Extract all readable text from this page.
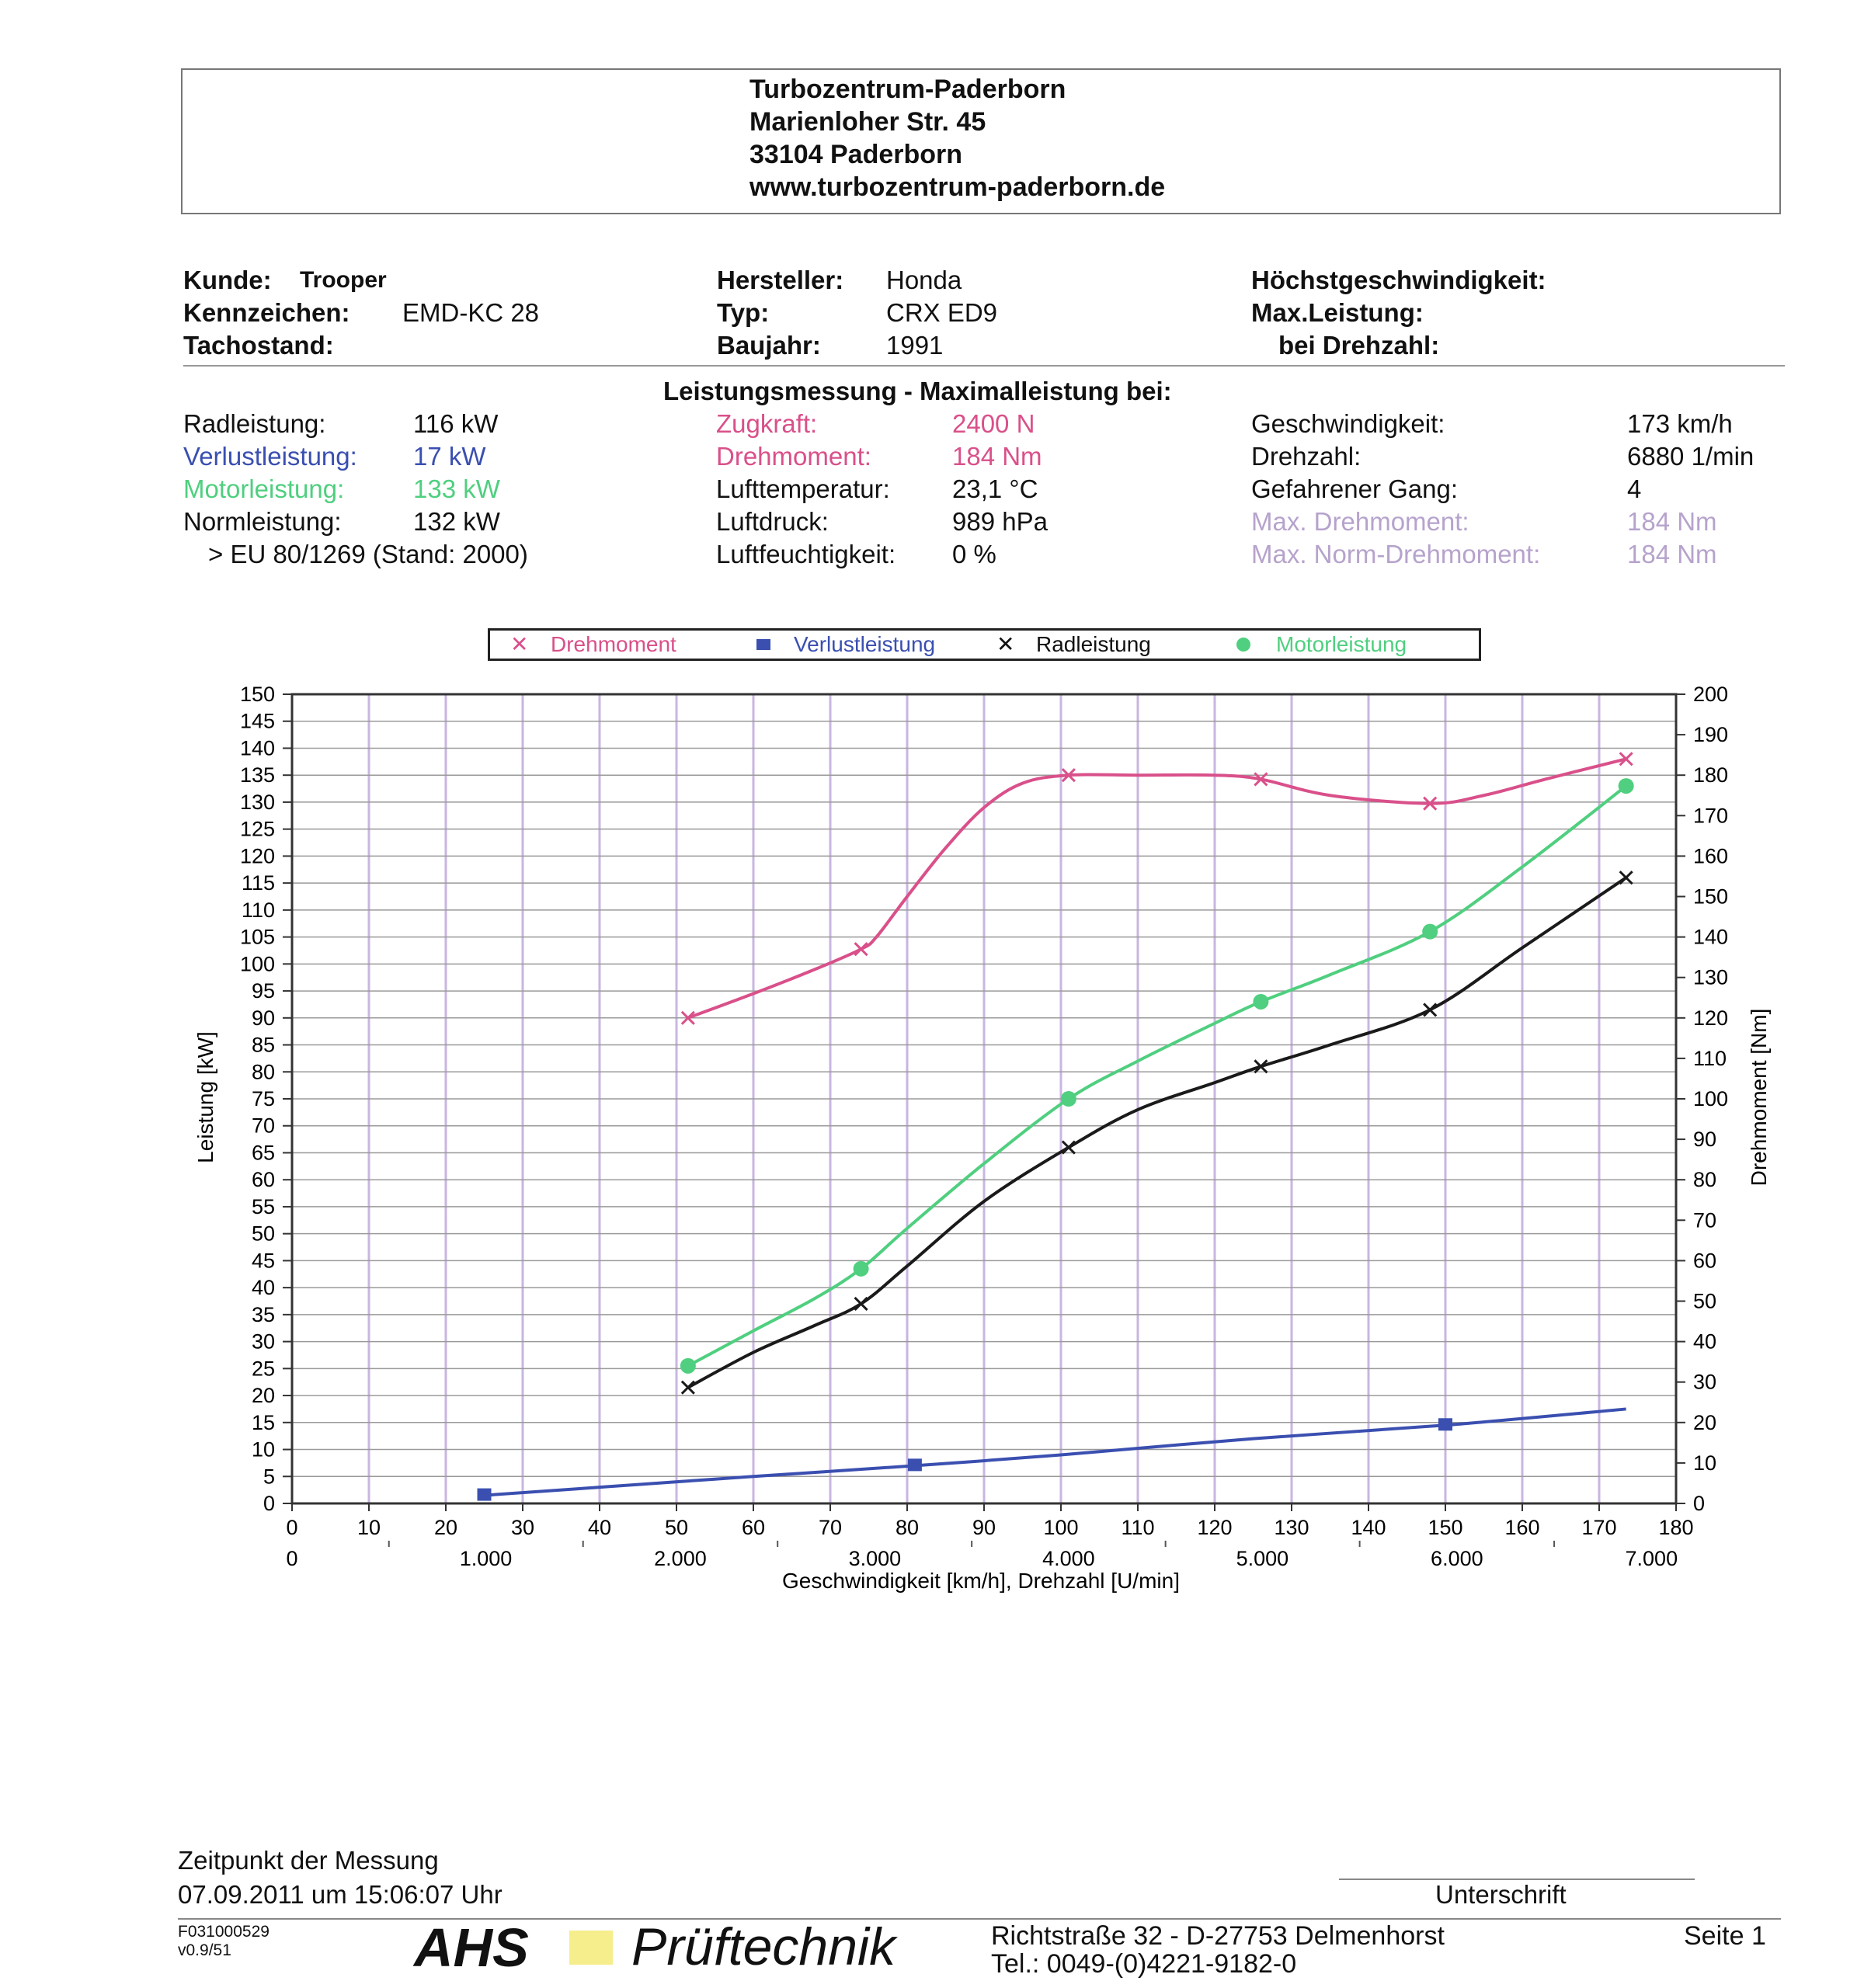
Turbozentrum-Paderborn
Marienloher Str. 45
33104 Paderborn
www.turbozentrum-paderborn.de
Kunde: Trooper
Kennzeichen: EMD-KC 28
Tachostand:
Hersteller: Honda
Typ:	CRX ED9
Baujahr:	1991
Höchstgeschwindigkeit:
Max.Leistung:
bei Drehzahl:
Leistungsmessung - Maximalleistung bei:
Radleistung:	116 kW
Verlustleistung: 17 kW
Motorleistung:	133 kW
Normleistung:	132 kW
> EU 80/1269 (Stand: 2000)
Zugkraft:	2400 N
Drehmoment:	184 Nm
Lufttemperatur: 23,1 °C
Luftdruck:	989 hPa
Luftfeuchtigkeit: 0 %
Geschwindigkeit:	173 km/h
Drehzahl:	6880 1/min
Gefahrener Gang:	4
Max. Drehmoment:	184 Nm
Max. Norm-Drehmoment:	184 Nm
✕ Drehmoment	Verlustleistung	✕ Radleistung	Motorleistung
0
5
10
15
20
25
30
35
40
45
50
55
60
65
70
75
80
85
90
95
100
105
110
115
120
125
130
135
140
145
150
0
10
20
30
40
50
60
70
80
90
100
110
120
130
140
150
160
170
180
190
200
0	10	20	30	40	50	60	70	80	90 100 110 120 130 140 150 160 170 180
0	1.000	2.000	3.000	4.000	5.000	6.000	7.000
Geschwindigkeit [km/h], Drehzahl [U/min]
Leistung [kW]	Drehmoment [Nm]
Zeitpunkt der Messung
07.09.2011 um 15:06:07 Uhr	Unterschrift
F031000529
v0.9/51	AHS Prüftechnik	Richtstraße 32 - D-27753 Delmenhorst
Tel.: 0049-(0)4221-9182-0
Seite 1
